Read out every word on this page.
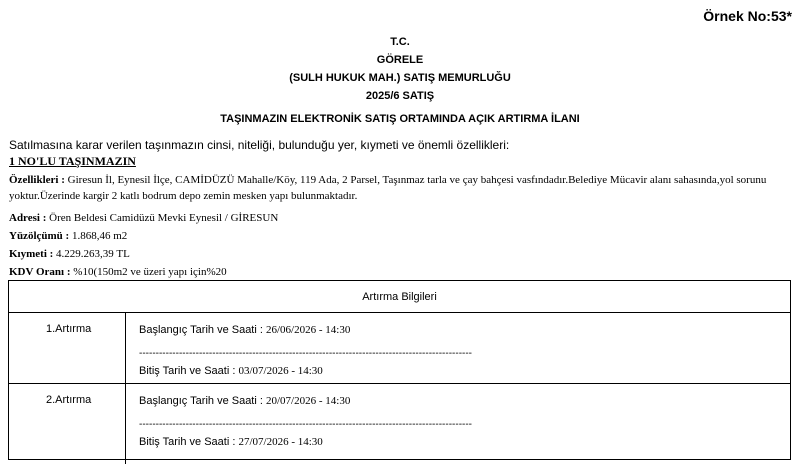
Örnek No:53*
T.C.
GÖRELE
(SULH HUKUK MAH.) SATIŞ MEMURLUĞU
2025/6 SATIŞ
TAŞINMAZIN ELEKTRONİK SATIŞ ORTAMINDA AÇIK ARTIRMA İLANI
Satılmasına karar verilen taşınmazın cinsi, niteliği, bulunduğu yer, kıymeti ve önemli özellikleri:
1 NO'LU TAŞINMAZIN
Özellikleri : Giresun İl, Eynesil İlçe, CAMİDÜZÜ Mahalle/Köy, 119 Ada, 2 Parsel, Taşınmaz tarla ve çay bahçesi vasfındadır.Belediye Mücavir alanı sahasında,yol sorunu yoktur.Üzerinde kargir 2 katlı bodrum depo zemin mesken yapı bulunmaktadır.
Adresi : Ören Beldesi Camidüzü Mevki Eynesil / GİRESUN
Yüzölçümü : 1.868,46 m2
Kıymeti : 4.229.263,39 TL
KDV Oranı : %10(150m2 ve üzeri yapı için%20
Artırma Bilgileri
1.Artırma	Başlangıç Tarih ve Saati : 26/06/2026 - 14:30
----------------------------------------------------------------------------------------------------
Bitiş Tarih ve Saati : 03/07/2026 - 14:30
2.Artırma	Başlangıç Tarih ve Saati : 20/07/2026 - 14:30
----------------------------------------------------------------------------------------------------
Bitiş Tarih ve Saati : 27/07/2026 - 14:30
